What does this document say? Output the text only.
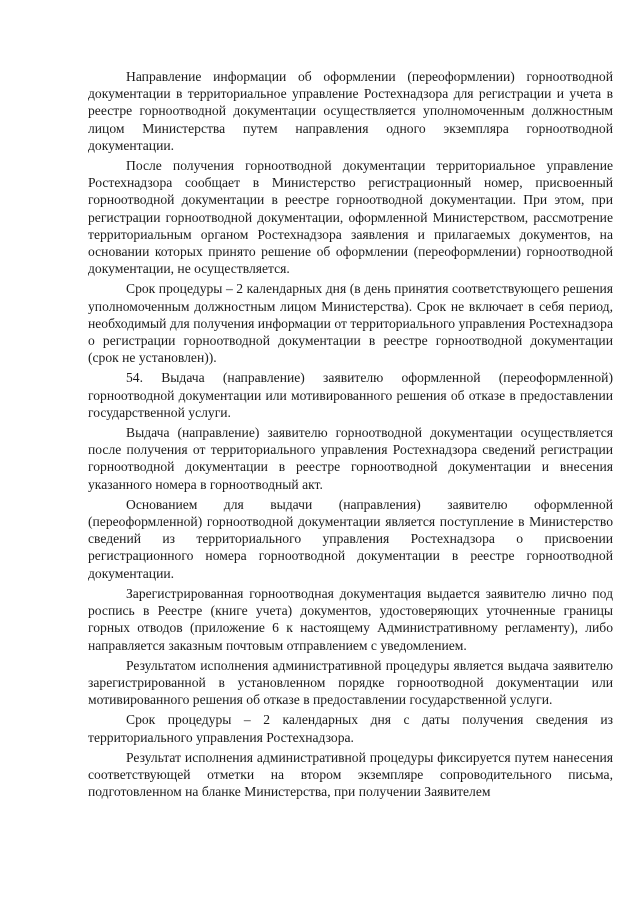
Направление информации об оформлении (переоформлении) горноотводной документации в территориальное управление Ростехнадзора для регистрации и учета в реестре горноотводной документации осуществляется уполномоченным должностным лицом Министерства путем направления одного экземпляра горноотводной документации.

После получения горноотводной документации территориальное управление Ростехнадзора сообщает в Министерство регистрационный номер, присвоенный горноотводной документации в реестре горноотводной документации. При этом, при регистрации горноотводной документации, оформленной Министерством, рассмотрение территориальным органом Ростехнадзора заявления и прилагаемых документов, на основании которых принято решение об оформлении (переоформлении) горноотводной документации, не осуществляется.

Срок процедуры – 2 календарных дня (в день принятия соответствующего решения уполномоченным должностным лицом Министерства). Срок не включает в себя период, необходимый для получения информации от территориального управления Ростехнадзора о регистрации горноотводной документации в реестре горноотводной документации (срок не установлен)).

54. Выдача (направление) заявителю оформленной (переоформленной) горноотводной документации или мотивированного решения об отказе в предоставлении государственной услуги.

Выдача (направление) заявителю горноотводной документации осуществляется после получения от территориального управления Ростехнадзора сведений регистрации горноотводной документации в реестре горноотводной документации и внесения указанного номера в горноотводный акт.

Основанием для выдачи (направления) заявителю оформленной (переоформленной) горноотводной документации является поступление в Министерство сведений из территориального управления Ростехнадзора о присвоении регистрационного номера горноотводной документации в реестре горноотводной документации.

Зарегистрированная горноотводная документация выдается заявителю лично под роспись в Реестре (книге учета) документов, удостоверяющих уточненные границы горных отводов (приложение 6 к настоящему Административному регламенту), либо направляется заказным почтовым отправлением с уведомлением.

Результатом исполнения административной процедуры является выдача заявителю зарегистрированной в установленном порядке горноотводной документации или мотивированного решения об отказе в предоставлении государственной услуги.

Срок процедуры – 2 календарных дня с даты получения сведения из территориального управления Ростехнадзора.

Результат исполнения административной процедуры фиксируется путем нанесения соответствующей отметки на втором экземпляре сопроводительного письма, подготовленном на бланке Министерства, при получении Заявителем
